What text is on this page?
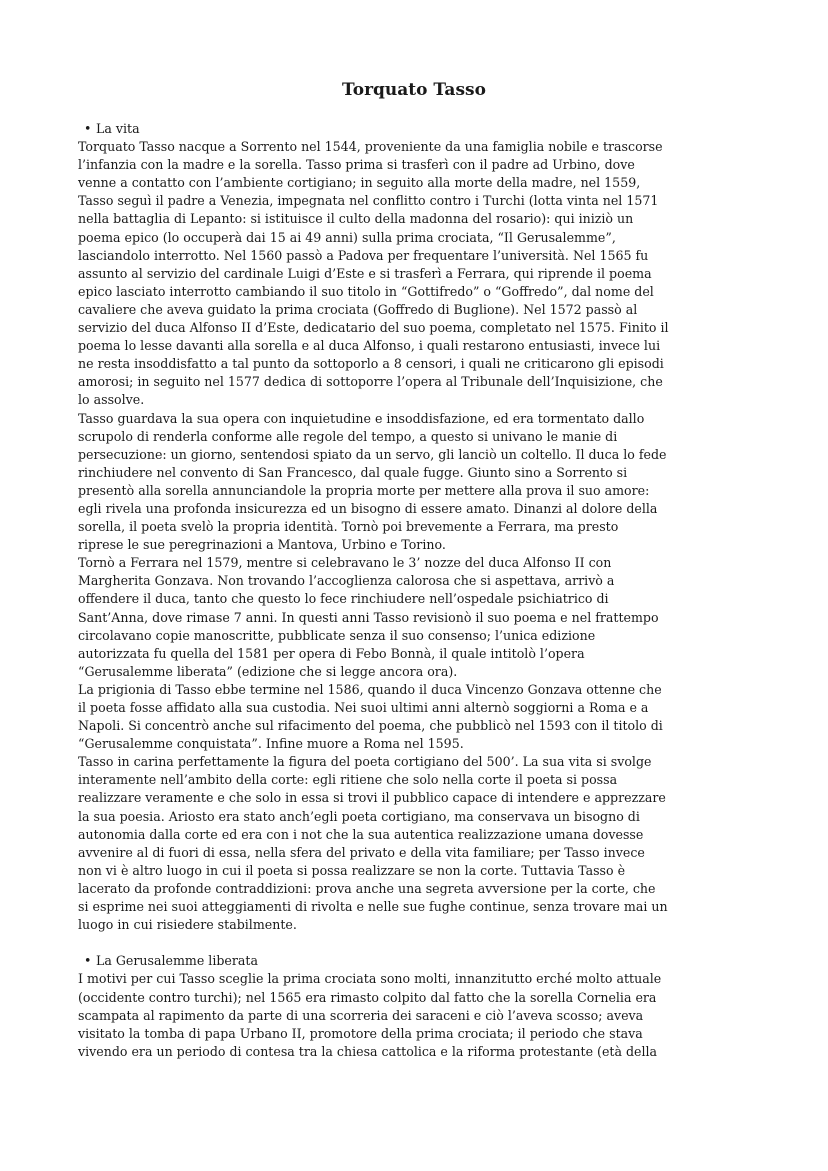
Torquato Tasso
• La vita
Torquato Tasso nacque a Sorrento nel 1544, proveniente da una famiglia nobile e trascorse
l’infanzia con la madre e la sorella. Tasso prima si trasferì con il padre ad Urbino, dove
venne a contatto con l’ambiente cortigiano; in seguito alla morte della madre, nel 1559,
Tasso seguì il padre a Venezia, impegnata nel conflitto contro i Turchi (lotta vinta nel 1571
nella battaglia di Lepanto: si istituisce il culto della madonna del rosario): qui iniziò un
poema epico (lo occuperà dai 15 ai 49 anni) sulla prima crociata, “Il Gerusalemme”,
lasciandolo interrotto. Nel 1560 passò a Padova per frequentare l’università. Nel 1565 fu
assunto al servizio del cardinale Luigi d’Este e si trasferì a Ferrara, qui riprende il poema
epico lasciato interrotto cambiando il suo titolo in “Gottifredo” o “Goffredo”, dal nome del
cavaliere che aveva guidato la prima crociata (Goffredo di Buglione). Nel 1572 passò al
servizio del duca Alfonso II d’Este, dedicatario del suo poema, completato nel 1575. Finito il
poema lo lesse davanti alla sorella e al duca Alfonso, i quali restarono entusiasti, invece lui
ne resta insoddisfatto a tal punto da sottoporlo a 8 censori, i quali ne criticarono gli episodi
amorosi; in seguito nel 1577 dedica di sottoporre l’opera al Tribunale dell’Inquisizione, che
lo assolve.
Tasso guardava la sua opera con inquietudine e insoddisfazione, ed era tormentato dallo
scrupolo di renderla conforme alle regole del tempo, a questo si univano le manie di
persecuzione: un giorno, sentendosi spiato da un servo, gli lanciò un coltello. Il duca lo fede
rinchiudere nel convento di San Francesco, dal quale fugge. Giunto sino a Sorrento si
presentò alla sorella annunciandole la propria morte per mettere alla prova il suo amore:
egli rivela una profonda insicurezza ed un bisogno di essere amato. Dinanzi al dolore della
sorella, il poeta svelò la propria identità. Tornò poi brevemente a Ferrara, ma presto
riprese le sue peregrinazioni a Mantova, Urbino e Torino.
Tornò a Ferrara nel 1579, mentre si celebravano le 3’ nozze del duca Alfonso II con
Margherita Gonzava. Non trovando l’accoglienza calorosa che si aspettava, arrivò a
offendere il duca, tanto che questo lo fece rinchiudere nell’ospedale psichiatrico di
Sant’Anna, dove rimase 7 anni. In questi anni Tasso revisionò il suo poema e nel frattempo
circolavano copie manoscritte, pubblicate senza il suo consenso; l’unica edizione
autorizzata fu quella del 1581 per opera di Febo Bonnà, il quale intitolò l’opera
“Gerusalemme liberata” (edizione che si legge ancora ora).
La prigionia di Tasso ebbe termine nel 1586, quando il duca Vincenzo Gonzava ottenne che
il poeta fosse affidato alla sua custodia. Nei suoi ultimi anni alternò soggiorni a Roma e a
Napoli. Si concentrò anche sul rifacimento del poema, che pubblicò nel 1593 con il titolo di
“Gerusalemme conquistata”. Infine muore a Roma nel 1595.
Tasso in carina perfettamente la figura del poeta cortigiano del 500’. La sua vita si svolge
interamente nell’ambito della corte: egli ritiene che solo nella corte il poeta si possa
realizzare veramente e che solo in essa si trovi il pubblico capace di intendere e apprezzare
la sua poesia. Ariosto era stato anch’egli poeta cortigiano, ma conservava un bisogno di
autonomia dalla corte ed era con i not che la sua autentica realizzazione umana dovesse
avvenire al di fuori di essa, nella sfera del privato e della vita familiare; per Tasso invece
non vi è altro luogo in cui il poeta si possa realizzare se non la corte. Tuttavia Tasso è
lacerato da profonde contraddizioni: prova anche una segreta avversione per la corte, che
si esprime nei suoi atteggiamenti di rivolta e nelle sue fughe continue, senza trovare mai un
luogo in cui risiedere stabilmente.
• La Gerusalemme liberata
I motivi per cui Tasso sceglie la prima crociata sono molti, innanzitutto erché molto attuale
(occidente contro turchi); nel 1565 era rimasto colpito dal fatto che la sorella Cornelia era
scampata al rapimento da parte di una scorreria dei saraceni e ciò l’aveva scosso; aveva
visitato la tomba di papa Urbano II, promotore della prima crociata; il periodo che stava
vivendo era un periodo di contesa tra la chiesa cattolica e la riforma protestante (età della
